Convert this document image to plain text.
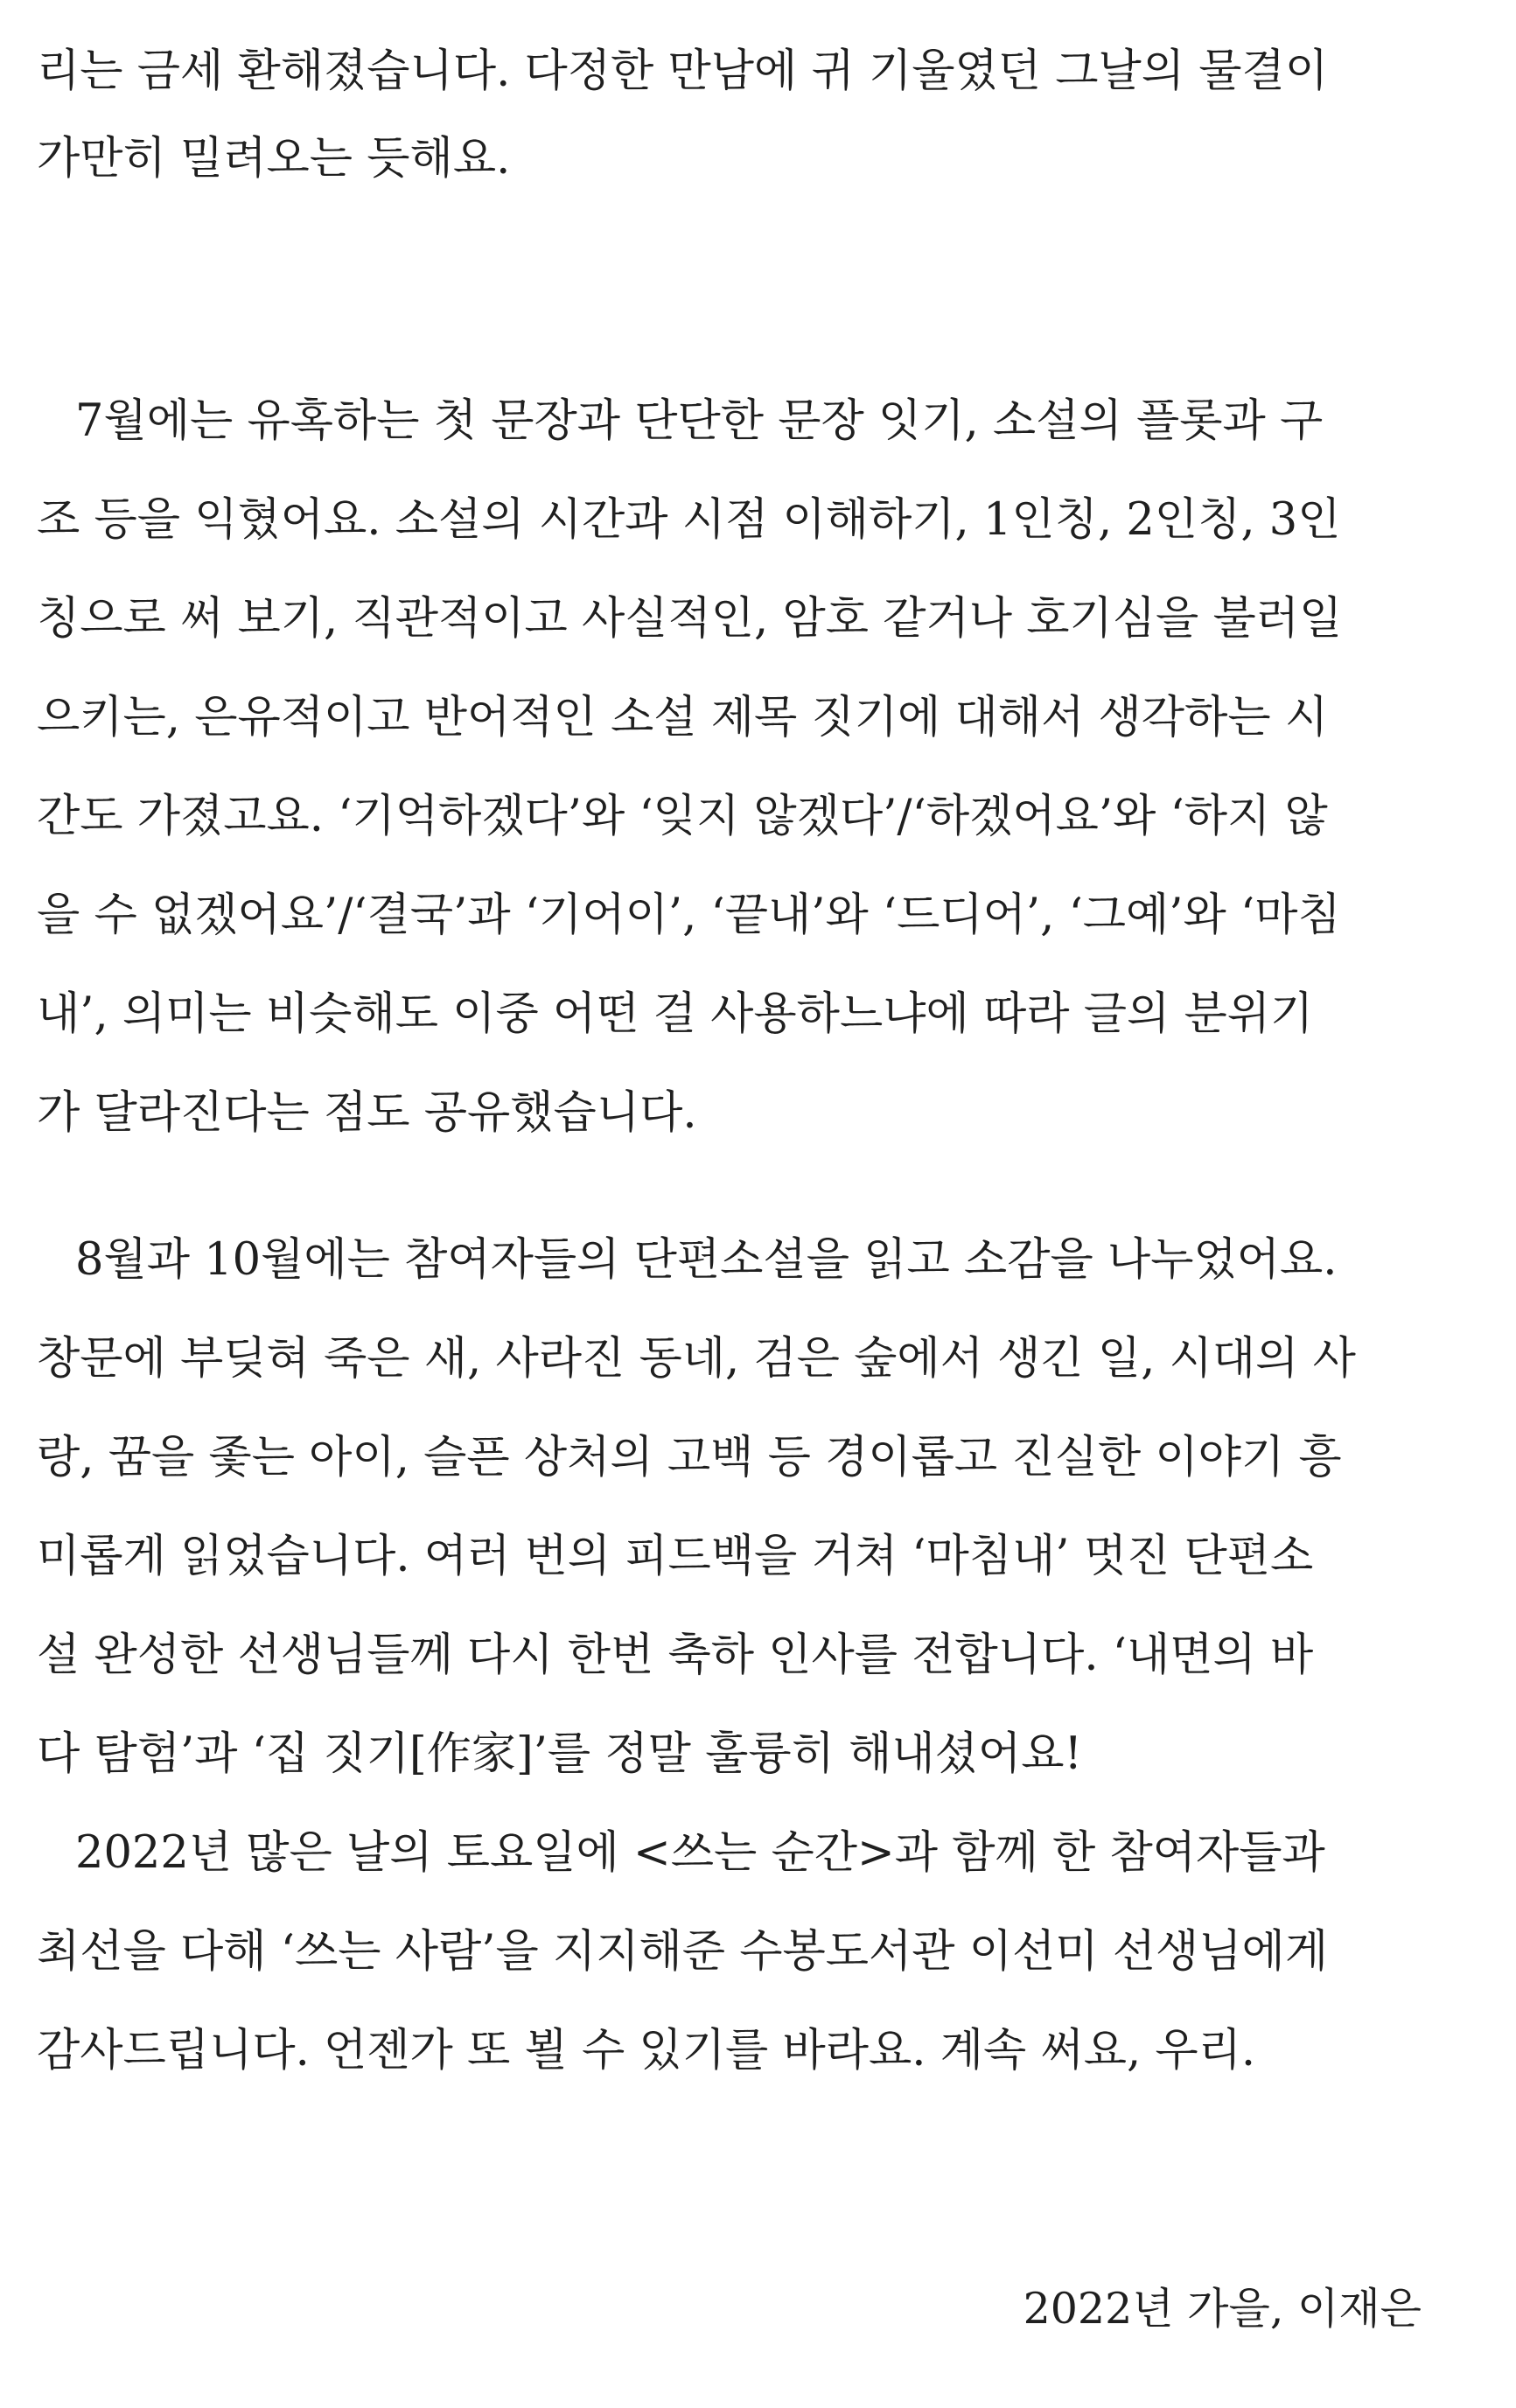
리는 금세 환해졌습니다. 다정한 만남에 귀 기울였던 그날의 물결이
가만히 밀려오는 듯해요.
7월에는 유혹하는 첫 문장과 단단한 문장 잇기, 소설의 플롯과 구
조 등을 익혔어요. 소설의 시간과 시점 이해하기, 1인칭, 2인칭, 3인
칭으로 써 보기, 직관적이고 사실적인, 암호 같거나 호기심을 불러일
으키는, 은유적이고 반어적인 소설 제목 짓기에 대해서 생각하는 시
간도 가졌고요. ‘기억하겠다’와 ‘잊지 않겠다’/‘하겠어요’와 ‘하지 않
을 수 없겠어요’/‘결국’과 ‘기어이’, ‘끝내’와 ‘드디어’, ‘그예’와 ‘마침
내’, 의미는 비슷해도 이중 어떤 걸 사용하느냐에 따라 글의 분위기
가 달라진다는 점도 공유했습니다.
8월과 10월에는 참여자들의 단편소설을 읽고 소감을 나누었어요.
창문에 부딪혀 죽은 새, 사라진 동네, 검은 숲에서 생긴 일, 시대의 사
랑, 꿈을 좇는 아이, 슬픈 상처의 고백 등 경이롭고 진실한 이야기 흥
미롭게 읽었습니다. 여러 번의 피드백을 거쳐 ‘마침내’ 멋진 단편소
설 완성한 선생님들께 다시 한번 축하 인사를 전합니다. ‘내면의 바
다 탐험’과 ‘집 짓기[作家]’를 정말 훌륭히 해내셨어요!
2022년 많은 날의 토요일에 <쓰는 순간>과 함께 한 참여자들과
최선을 다해 ‘쓰는 사람’을 지지해준 수봉도서관 이선미 선생님에게
감사드립니다. 언젠가 또 뵐 수 있기를 바라요. 계속 써요, 우리.
2022년 가을, 이재은
